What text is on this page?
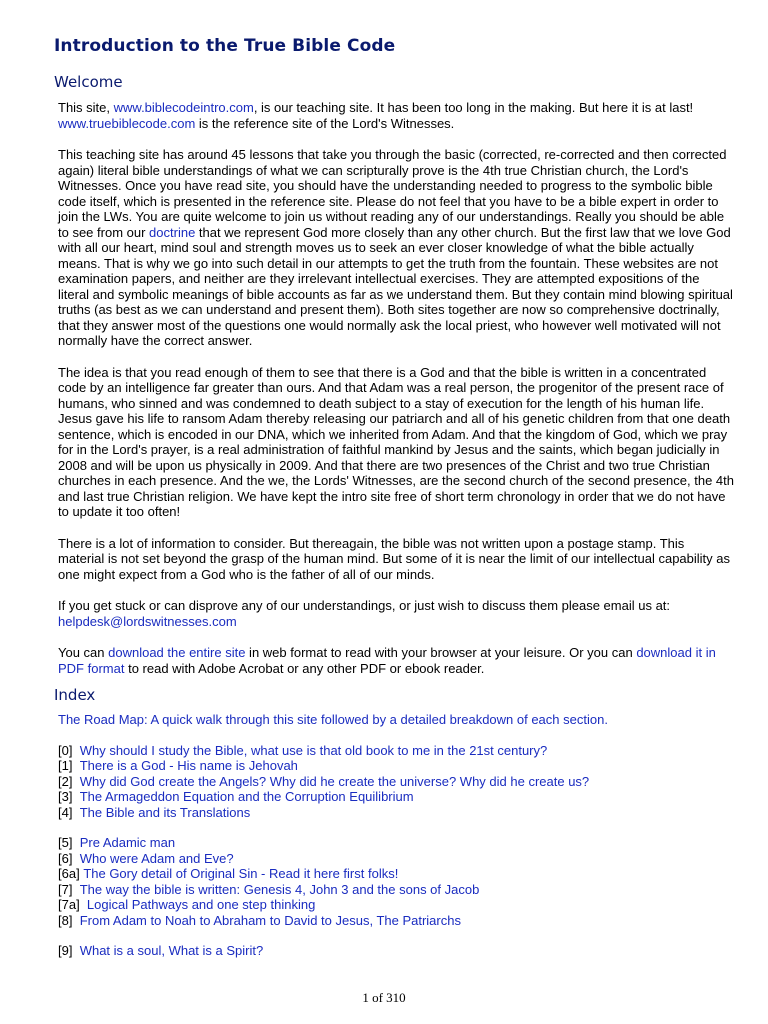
Introduction to the True Bible Code
Welcome

This site, www.biblecodeintro.com, is our teaching site. It has been too long in the making. But here it is at last! www.truebiblecode.com is the reference site of the Lord's Witnesses.

This teaching site has around 45 lessons that take you through the basic (corrected, re-corrected and then corrected again) literal bible understandings of what we can scripturally prove is the 4th true Christian church, the Lord's Witnesses. Once you have read site, you should have the understanding needed to progress to the symbolic bible code itself, which is presented in the reference site. Please do not feel that you have to be a bible expert in order to join the LWs. You are quite welcome to join us without reading any of our understandings. Really you should be able to see from our doctrine that we represent God more closely than any other church. But the first law that we love God with all our heart, mind soul and strength moves us to seek an ever closer knowledge of what the bible actually means. That is why we go into such detail in our attempts to get the truth from the fountain. These websites are not examination papers, and neither are they irrelevant intellectual exercises. They are attempted expositions of the literal and symbolic meanings of bible accounts as far as we understand them. But they contain mind blowing spiritual truths (as best as we can understand and present them). Both sites together are now so comprehensive doctrinally, that they answer most of the questions one would normally ask the local priest, who however well motivated will not normally have the correct answer.

The idea is that you read enough of them to see that there is a God and that the bible is written in a concentrated code by an intelligence far greater than ours. And that Adam was a real person, the progenitor of the present race of humans, who sinned and was condemned to death subject to a stay of execution for the length of his human life. Jesus gave his life to ransom Adam thereby releasing our patriarch and all of his genetic children from that one death sentence, which is encoded in our DNA, which we inherited from Adam. And that the kingdom of God, which we pray for in the Lord's prayer, is a real administration of faithful mankind by Jesus and the saints, which began judicially in 2008 and will be upon us physically in 2009. And that there are two presences of the Christ and two true Christian churches in each presence. And the we, the Lords' Witnesses, are the second church of the second presence, the 4th and last true Christian religion. We have kept the intro site free of short term chronology in order that we do not have to update it too often!

There is a lot of information to consider. But thereagain, the bible was not written upon a postage stamp. This material is not set beyond the grasp of the human mind. But some of it is near the limit of our intellectual capability as one might expect from a God who is the father of all of our minds.

If you get stuck or can disprove any of our understandings, or just wish to discuss them please email us at: helpdesk@lordswitnesses.com

You can download the entire site in web format to read with your browser at your leisure. Or you can download it in PDF format to read with Adobe Acrobat or any other PDF or ebook reader.

Index

The Road Map: A quick walk through this site followed by a detailed breakdown of each section.

[0] Why should I study the Bible, what use is that old book to me in the 21st century?
[1] There is a God - His name is Jehovah
[2] Why did God create the Angels? Why did he create the universe? Why did he create us?
[3] The Armageddon Equation and the Corruption Equilibrium
[4] The Bible and its Translations
[5] Pre Adamic man
[6] Who were Adam and Eve?
[6a] The Gory detail of Original Sin - Read it here first folks!
[7] The way the bible is written: Genesis 4, John 3 and the sons of Jacob
[7a]  Logical Pathways and one step thinking
[8] From Adam to Noah to Abraham to David to Jesus, The Patriarchs
[9] What is a soul, What is a Spirit?
1 of 310
